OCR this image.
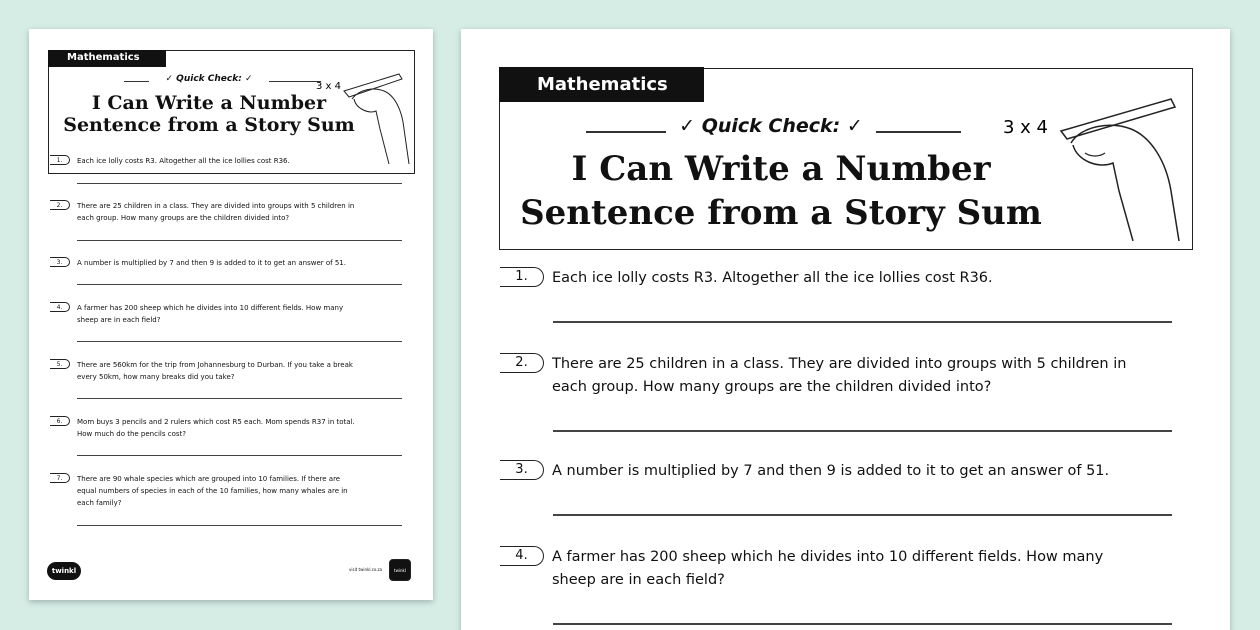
Mathematics
✓ Quick Check: ✓
I Can Write a Number
Sentence from a Story Sum
3 x 4
1.	Each ice lolly costs R3. Altogether all the ice lollies cost R36.
2.	There are 25 children in a class. They are divided into groups with 5 children in
each group. How many groups are the children divided into?
3.	A number is multiplied by 7 and then 9 is added to it to get an answer of 51.
4.	A farmer has 200 sheep which he divides into 10 different fields. How many
sheep are in each field?
5.	There are 560km for the trip from Johannesburg to Durban. If you take a break
every 50km, how many breaks did you take?
6.	Mom buys 3 pencils and 2 rulers which cost R5 each. Mom spends R37 in total.
How much do the pencils cost?
7.	There are 90 whale species which are grouped into 10 families. If there are
equal numbers of species in each of the 10 families, how many whales are in
each family?
twinkl	visit twinkl.co.za	twinkl
Mathematics
✓ Quick Check: ✓
I Can Write a Number
Sentence from a Story Sum
3 x 4
1.	Each ice lolly costs R3. Altogether all the ice lollies cost R36.
2.	There are 25 children in a class. They are divided into groups with 5 children in
each group. How many groups are the children divided into?
3.	A number is multiplied by 7 and then 9 is added to it to get an answer of 51.
4.	A farmer has 200 sheep which he divides into 10 different fields. How many
sheep are in each field?
